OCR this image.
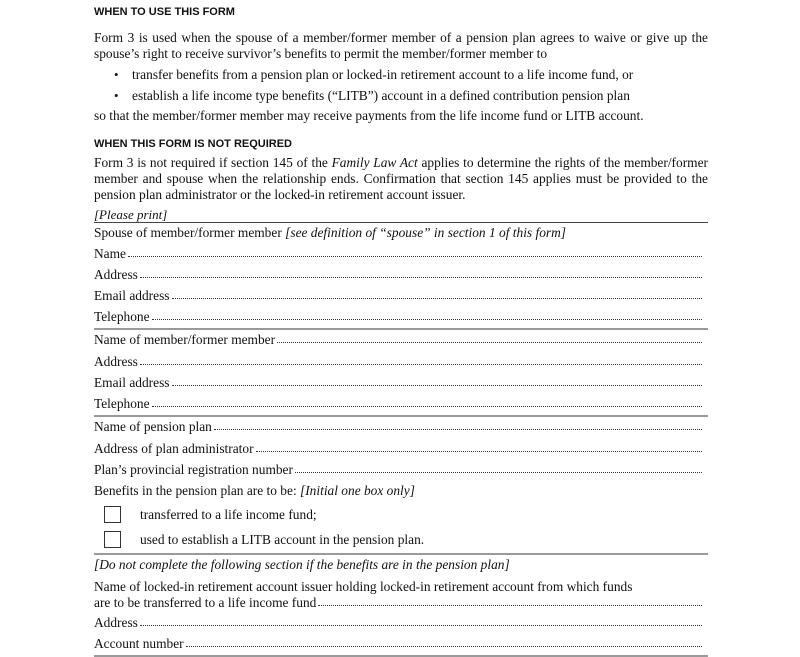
WHEN TO USE THIS FORM

Form 3 is used when the spouse of a member/former member of a pension plan agrees to waive or give up the spouse’s right to receive survivor’s benefits to permit the member/former member to

• transfer benefits from a pension plan or locked-in retirement account to a life income fund, or
• establish a life income type benefits (“LITB”) account in a defined contribution pension plan

so that the member/former member may receive payments from the life income fund or LITB account.

WHEN THIS FORM IS NOT REQUIRED

Form 3 is not required if section 145 of the Family Law Act applies to determine the rights of the member/former member and spouse when the relationship ends. Confirmation that section 145 applies must be provided to the pension plan administrator or the locked-in retirement account issuer.

[Please print]
Spouse of member/former member [see definition of “spouse” in section 1 of this form]
Name
Address
Email address
Telephone
Name of member/former member
Address
Email address
Telephone
Name of pension plan
Address of plan administrator
Plan’s provincial registration number
Benefits in the pension plan are to be: [Initial one box only]
transferred to a life income fund;
used to establish a LITB account in the pension plan.
[Do not complete the following section if the benefits are in the pension plan]
Name of locked-in retirement account issuer holding locked-in retirement account from which funds
are to be transferred to a life income fund
Address
Account number
